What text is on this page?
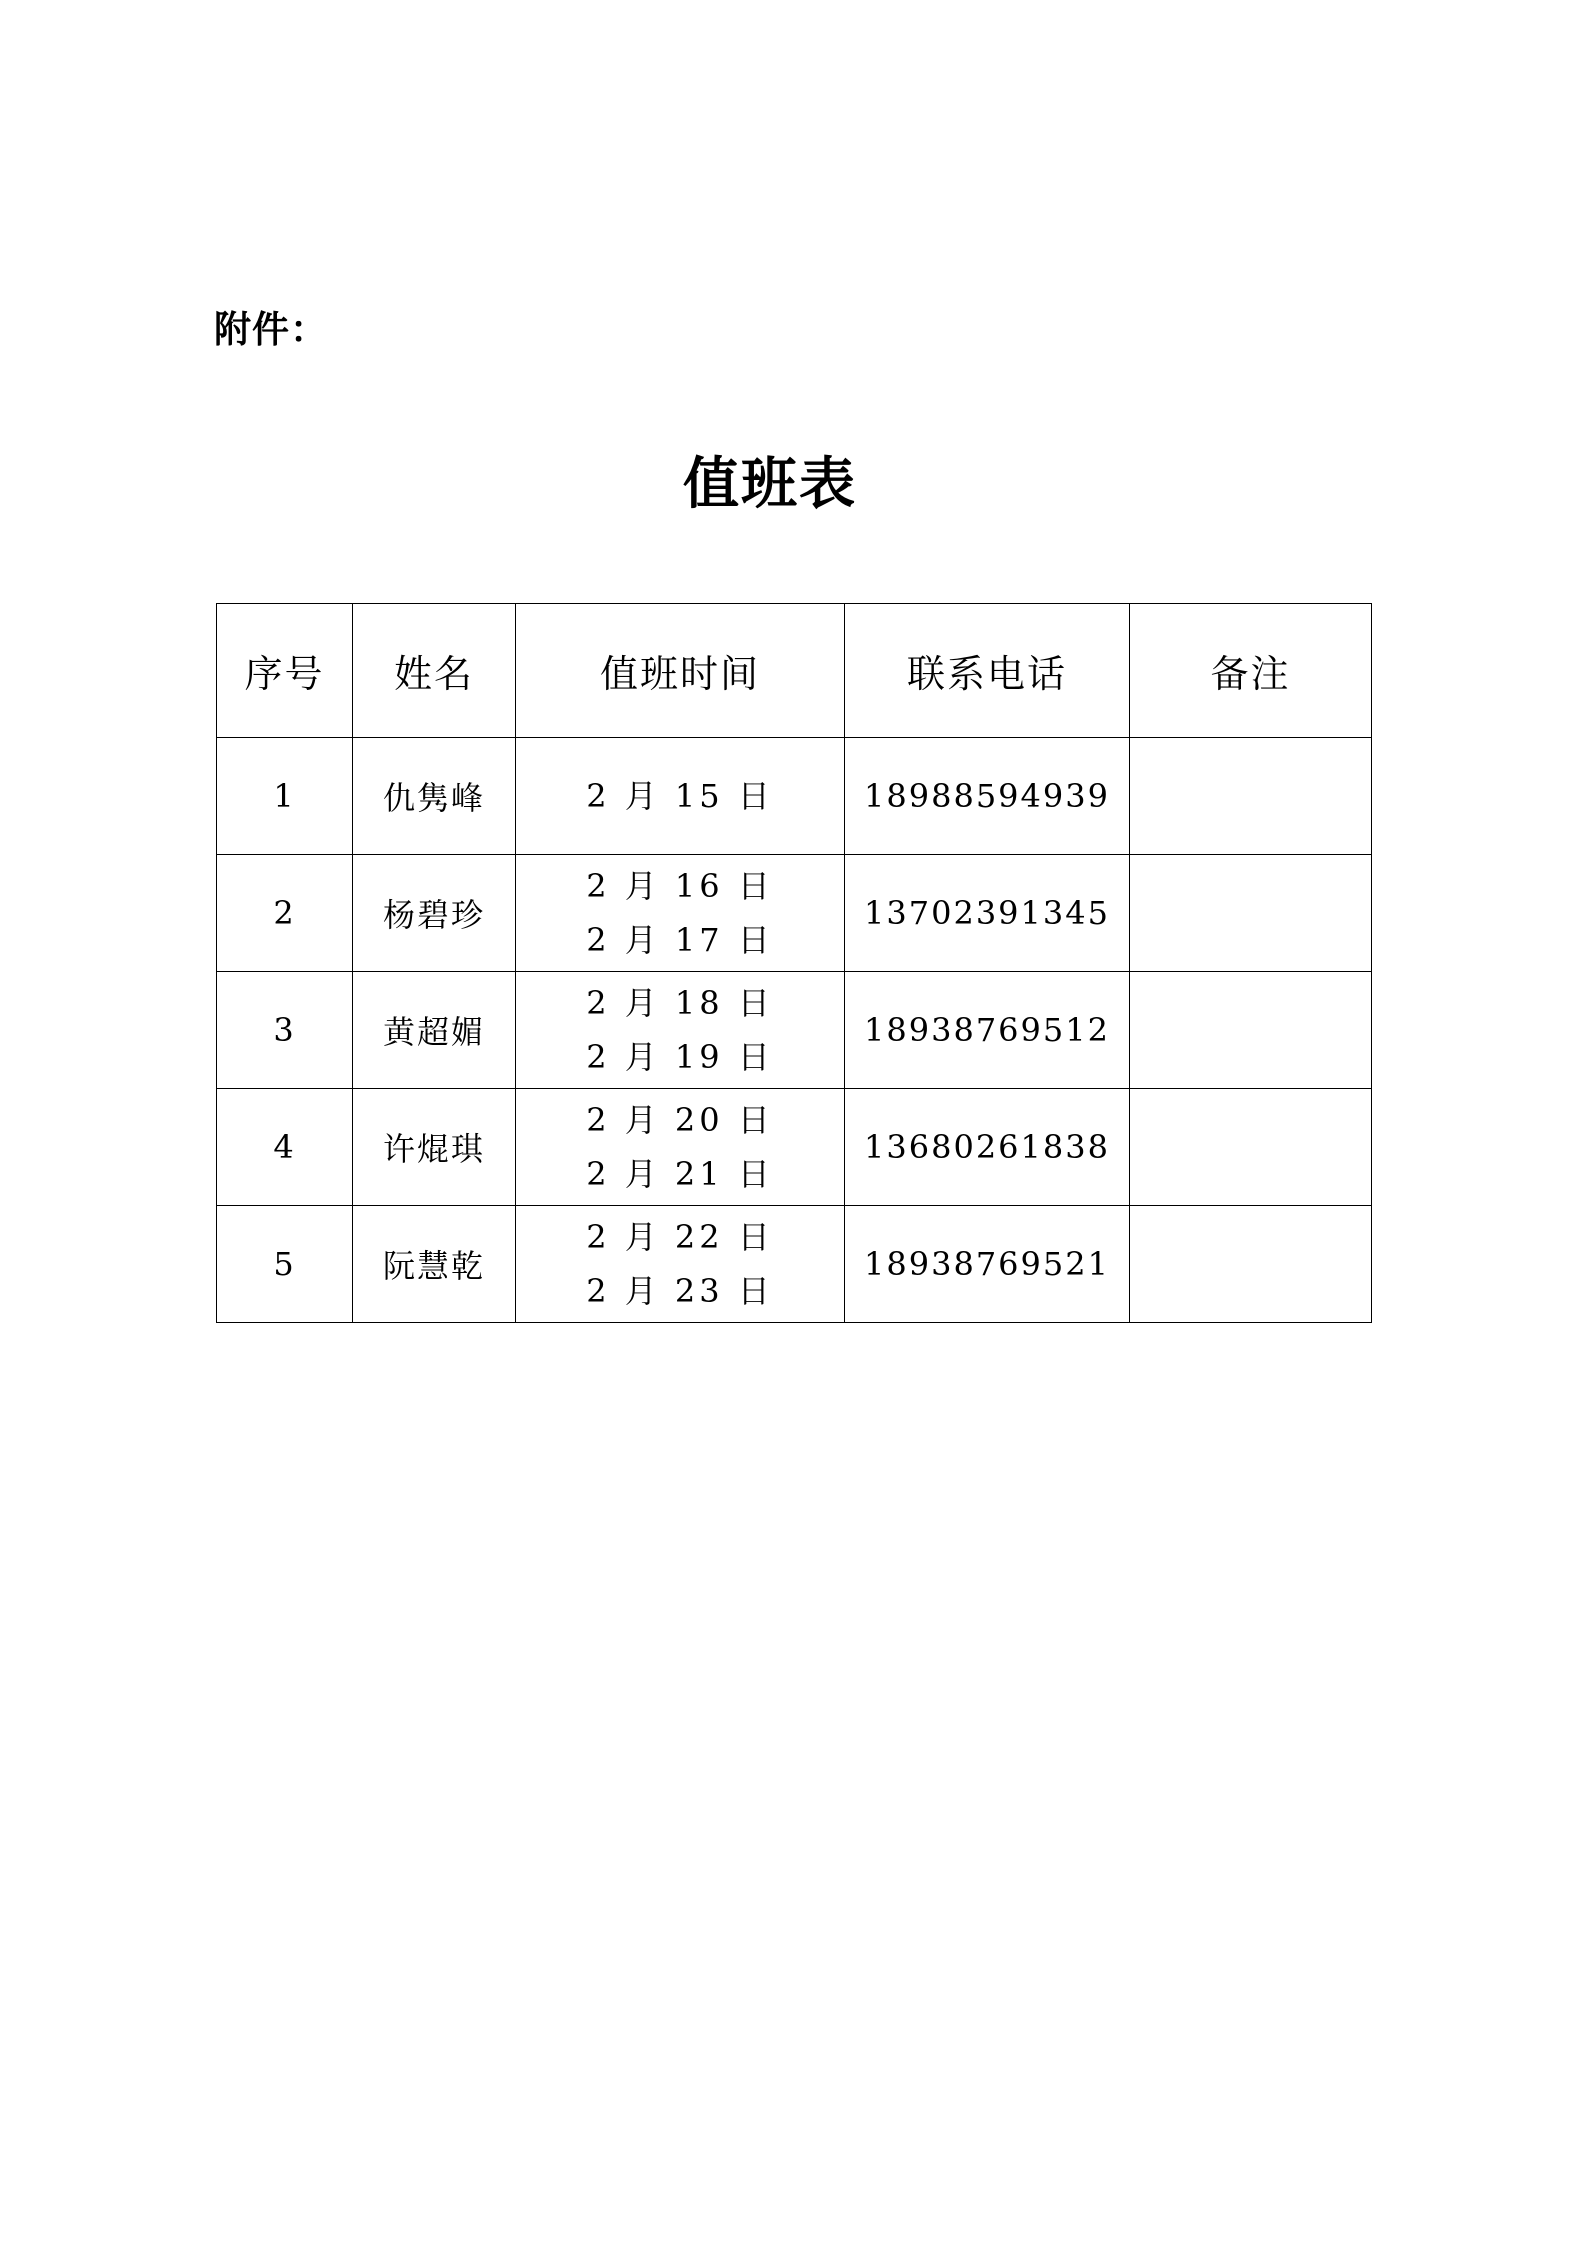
附件：
值班表
序号	姓名	值班时间	联系电话	备注
1	仇隽峰	2 月 15 日	18988594939	
2	杨碧珍	2 月 16 日
2 月 17 日	13702391345	
3	黄超媚	2 月 18 日
2 月 19 日	18938769512	
4	许焜琪	2 月 20 日
2 月 21 日	13680261838	
5	阮慧乾	2 月 22 日
2 月 23 日	18938769521	
